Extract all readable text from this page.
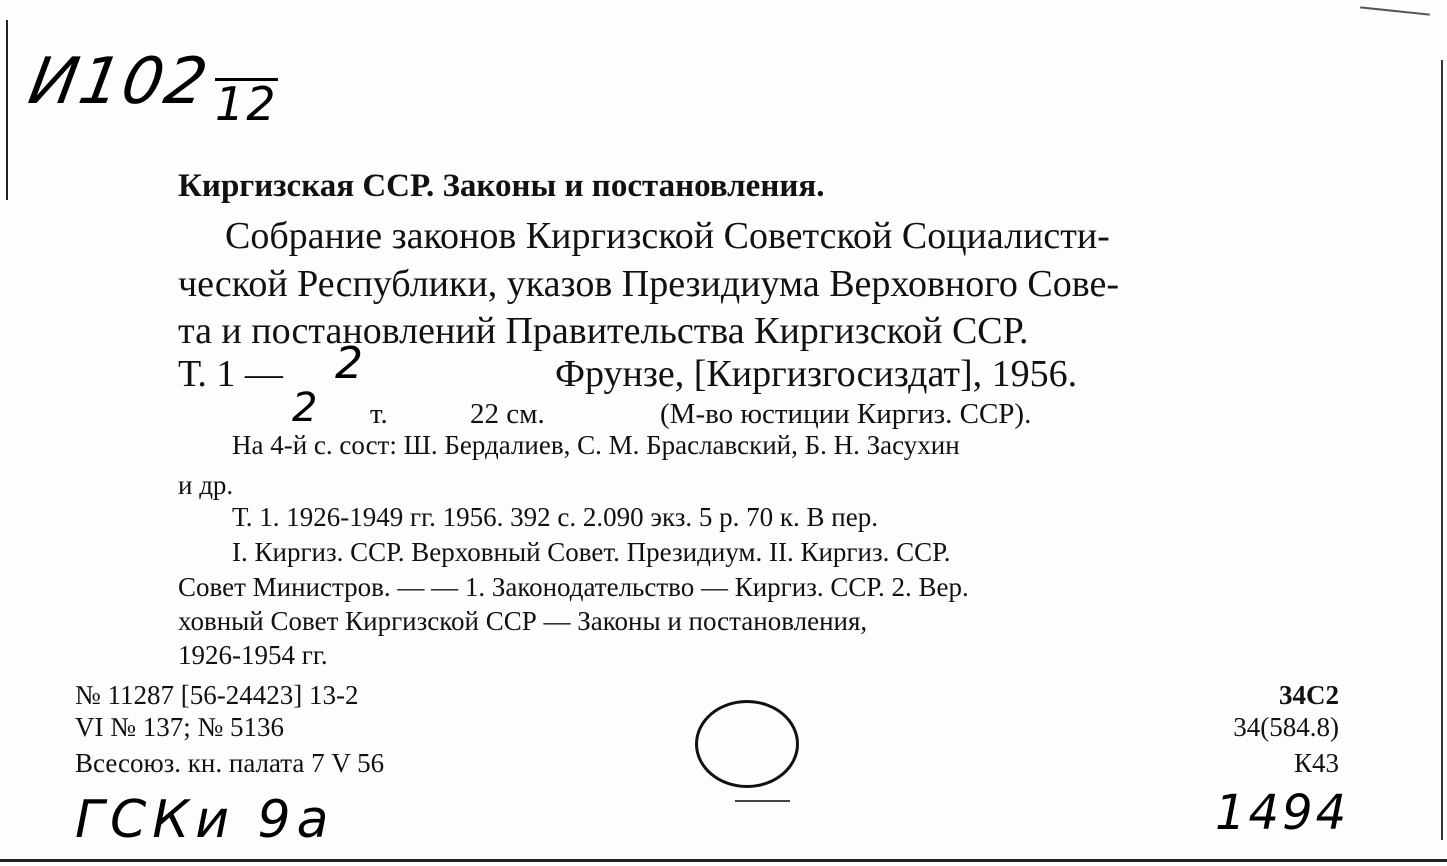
И102 12
Киргизская ССР. Законы и постановления.
Собрание законов Киргизской Советской Социалисти-
ческой Республики, указов Президиума Верховного Сове-
та и постановлений Правительства Киргизской ССР.
Т. 1 — 2	Фрунзе, [Киргизгосиздат], 1956.
2 т.	22 см.	(М-во юстиции Киргиз. ССР).
На 4-й с. сост: Ш. Бердалиев, С. М. Браславский, Б. Н. Засухин
и др.
Т. 1. 1926-1949 гг. 1956. 392 с. 2.090 экз. 5 р. 70 к. В пер.
I. Киргиз. ССР. Верховный Совет. Президиум. II. Киргиз. ССР.
Совет Министров. — — 1. Законодательство — Киргиз. ССР. 2. Вер.
ховный Совет Киргизской ССР — Законы и постановления,
1926-1954 гг.
№ 11287 [56-24423] 13-2
VI № 137; № 5136
Всесоюз. кн. палата 7 V 56
34С2
34(584.8)
К43
ГСКи 9а	1494
